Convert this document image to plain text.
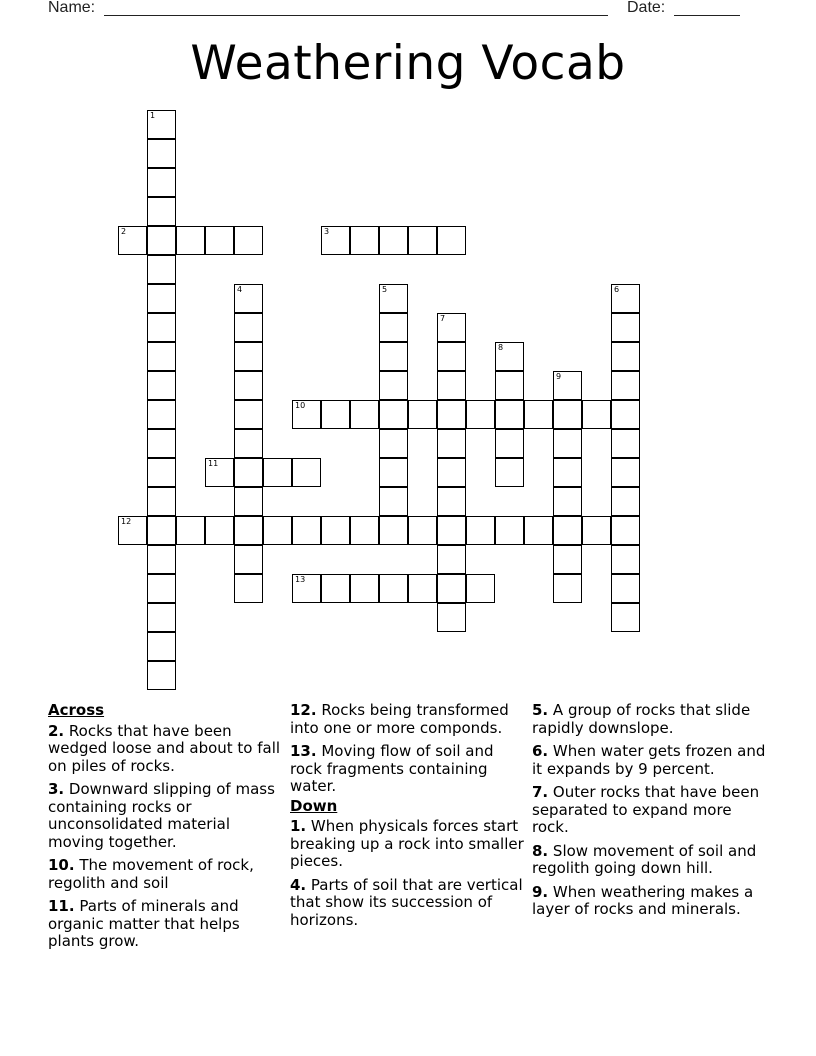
Name:	Date:
Weathering Vocab
1
2	3
4	5	6
7
8
9
10
11
12
13
Across

2. Rocks that have been wedged loose and about to fall on piles of rocks.

3. Downward slipping of mass containing rocks or unconsolidated material moving together.

10. The movement of rock, regolith and soil

11. Parts of minerals and organic matter that helps plants grow.

12. Rocks being transformed into one or more componds.

13. Moving flow of soil and rock fragments containing water.

Down

1. When physicals forces start breaking up a rock into smaller pieces.

4. Parts of soil that are vertical that show its succession of horizons.

5. A group of rocks that slide rapidly downslope.

6. When water gets frozen and it expands by 9 percent.

7. Outer rocks that have been separated to expand more rock.

8. Slow movement of soil and regolith going down hill.

9. When weathering makes a layer of rocks and minerals.
